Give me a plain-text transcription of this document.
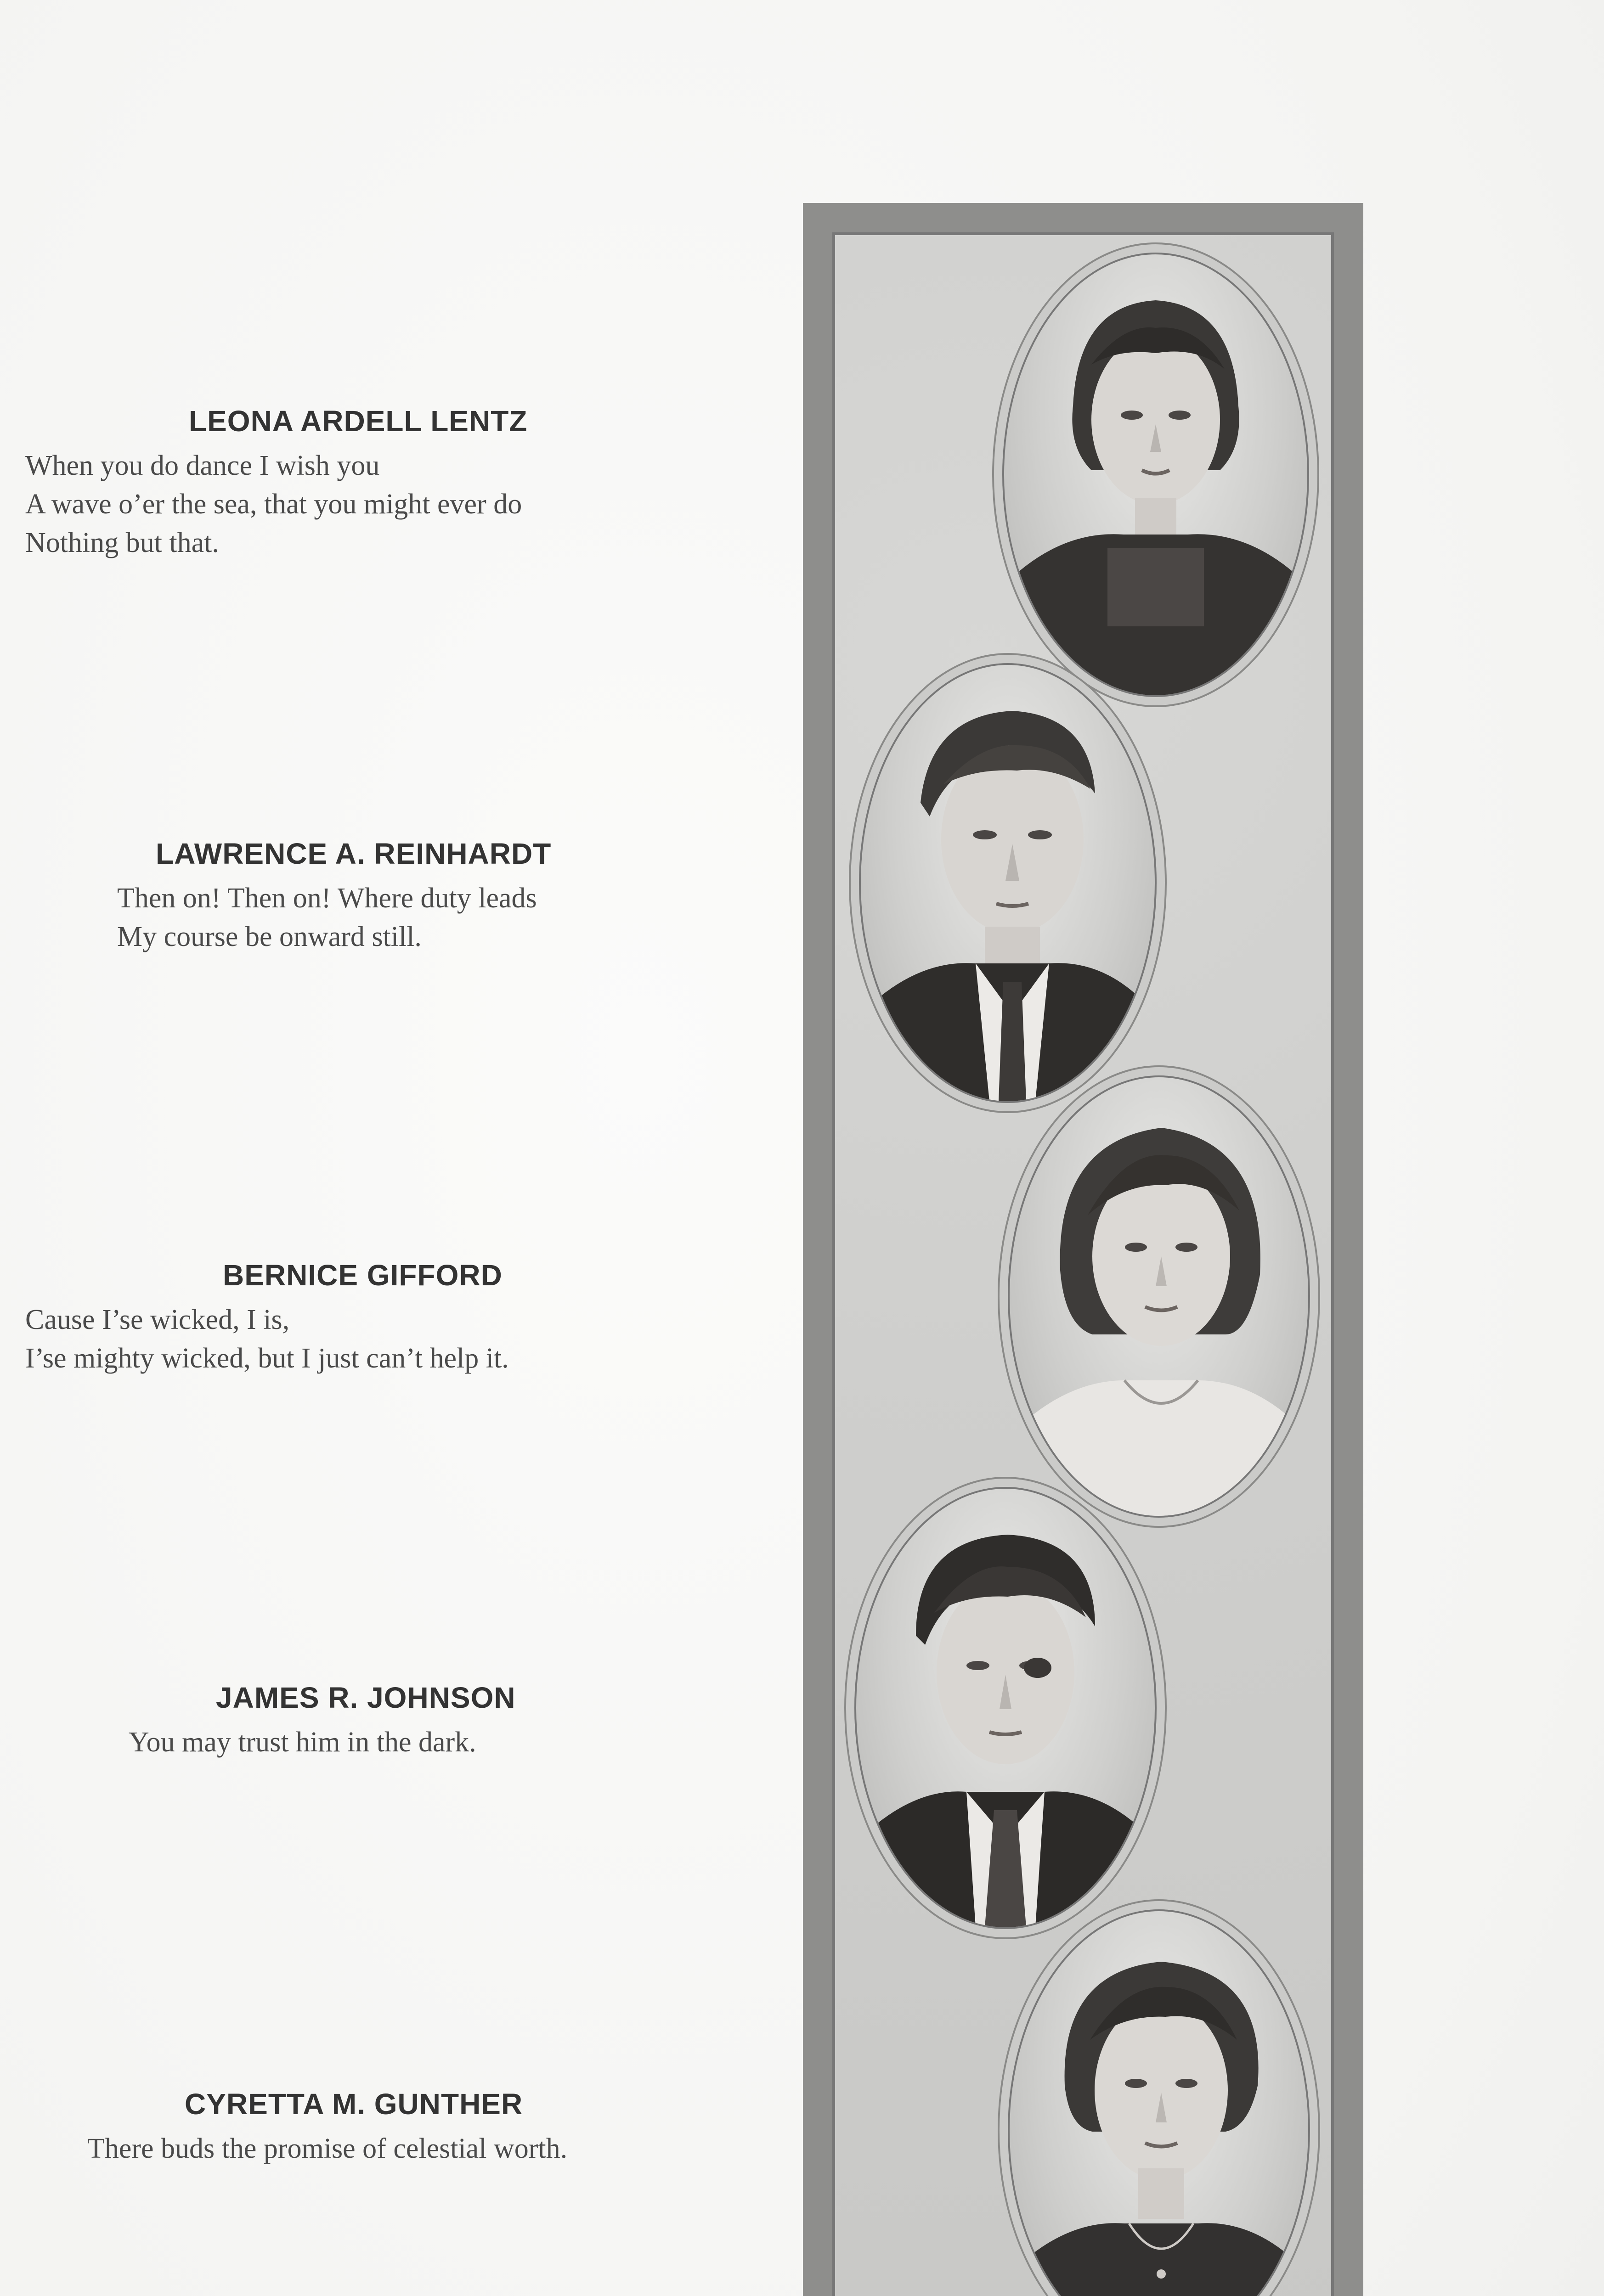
LEONA ARDELL LENTZ
When you do dance I wish you
A wave o’er the sea, that you might ever do
Nothing but that.
LAWRENCE A. REINHARDT
Then on! Then on! Where duty leads
My course be onward still.
BERNICE GIFFORD
Cause I’se wicked, I is,
I’se mighty wicked, but I just can’t help it.
JAMES R. JOHNSON
You may trust him in the dark.
CYRETTA M. GUNTHER
There buds the promise of celestial worth.
